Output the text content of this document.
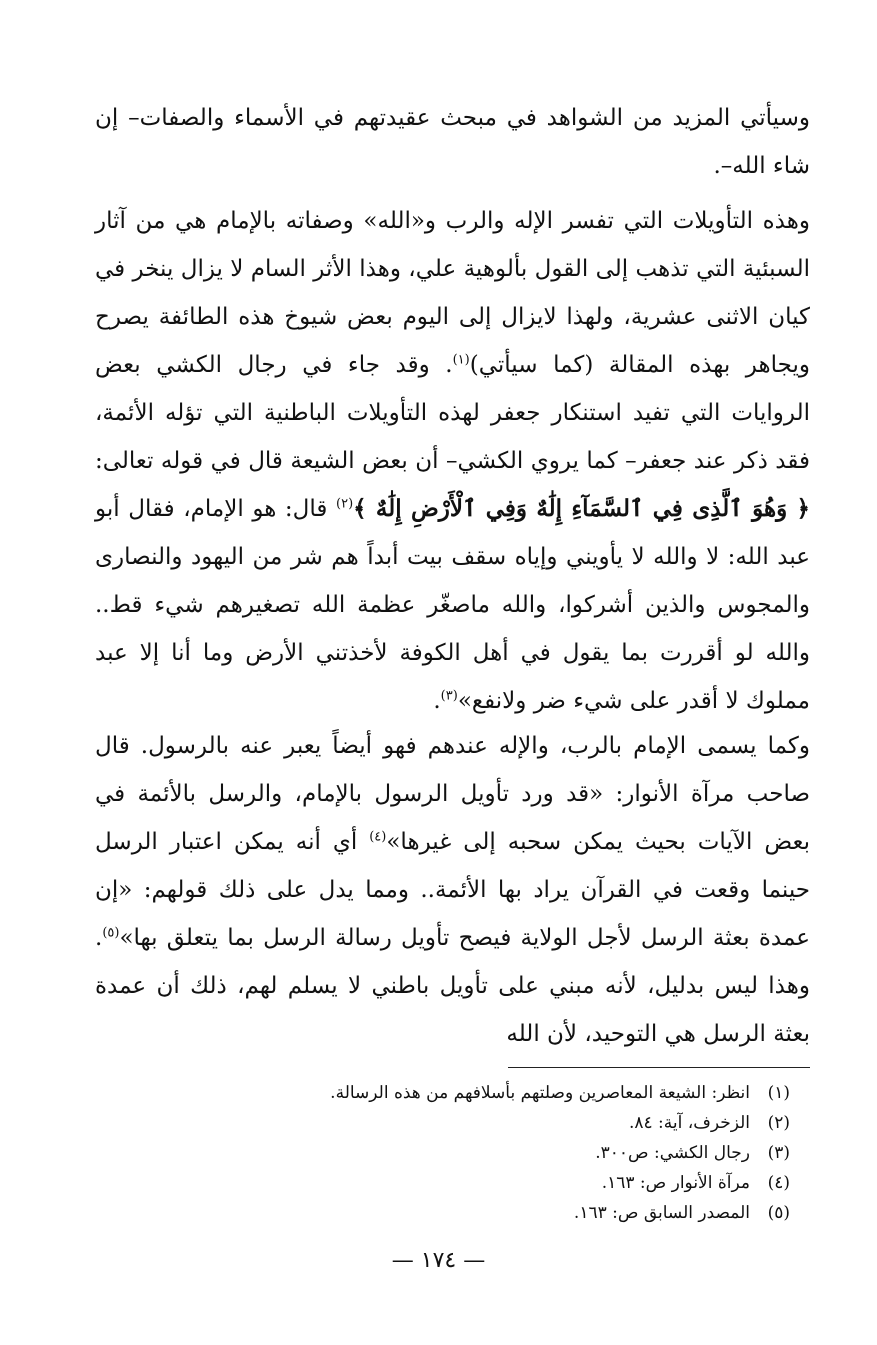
وسيأتي المزيد من الشواهد في مبحث عقيدتهم في الأسماء والصفات– إن شاء الله–.

وهذه التأويلات التي تفسر الإله والرب و«الله» وصفاته بالإمام هي من آثار السبئية التي تذهب إلى القول بألوهية علي، وهذا الأثر السام لا يزال ينخر في كيان الاثنى عشرية، ولهذا لايزال إلى اليوم بعض شيوخ هذه الطائفة يصرح ويجاهر بهذه المقالة (كما سيأتي)$^{(١)}$. وقد جاء في رجال الكشي بعض الروايات التي تفيد استنكار جعفر لهذه التأويلات الباطنية التي تؤله الأئمة، فقد ذكر عند جعفر– كما يروي الكشي– أن بعض الشيعة قال في قوله تعالى: ﴿ وَهُوَ ٱلَّذِى فِي ٱلسَّمَآءِ إِلَٰهٌ وَفِي ٱلْأَرْضِ إِلَٰهٌ ﴾$^{(٢)}$ قال: هو الإمام، فقال أبو عبد الله: لا والله لا يأويني وإياه سقف بيت أبداً هم شر من اليهود والنصارى والمجوس والذين أشركوا، والله ماصغّر عظمة الله تصغيرهم شيء قط.. والله لو أقررت بما يقول في أهل الكوفة لأخذتني الأرض وما أنا إلا عبد مملوك لا أقدر على شيء ضر ولانفع»$^{(٣)}$.

وكما يسمى الإمام بالرب، والإله عندهم فهو أيضاً يعبر عنه بالرسول. قال صاحب مرآة الأنوار: «قد ورد تأويل الرسول بالإمام، والرسل بالأئمة في بعض الآيات بحيث يمكن سحبه إلى غيرها»$^{(٤)}$ أي أنه يمكن اعتبار الرسل حينما وقعت في القرآن يراد بها الأئمة.. ومما يدل على ذلك قولهم: «إن عمدة بعثة الرسل لأجل الولاية فيصح تأويل رسالة الرسل بما يتعلق بها»$^{(٥)}$. وهذا ليس بدليل، لأنه مبني على تأويل باطني لا يسلم لهم، ذلك أن عمدة بعثة الرسل هي التوحيد، لأن الله

(١)
انظر: الشيعة المعاصرين وصلتهم بأسلافهم من هذه الرسالة.
(٢)
الزخرف، آية: ٨٤.
(٣)
رجال الكشي: ص٣٠٠.
(٤)
مرآة الأنوار ص: ١٦٣.
(٥)
المصدر السابق ص: ١٦٣.
— ١٧٤ —
